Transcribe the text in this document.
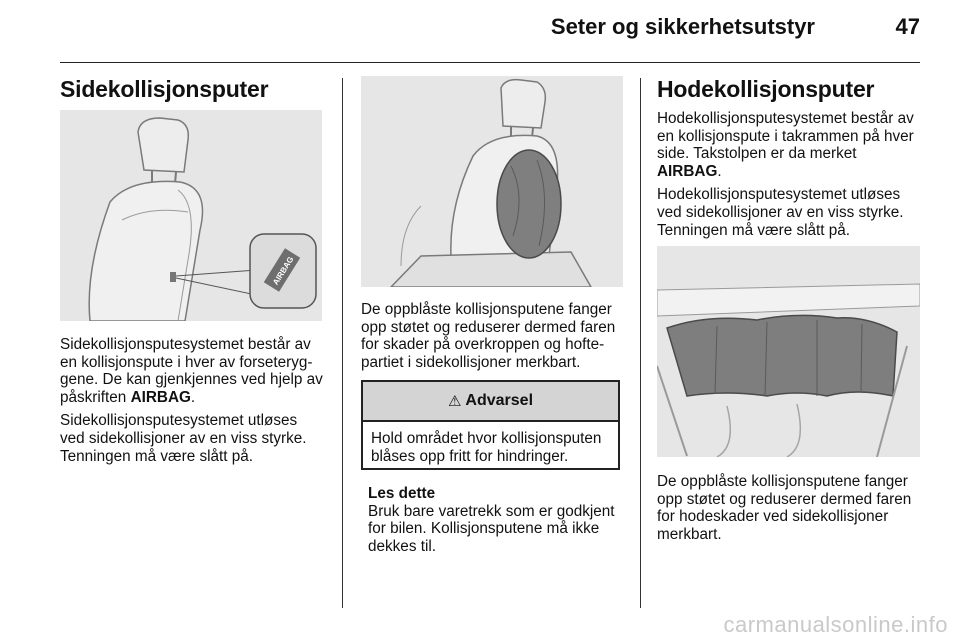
Seter og sikkerhetsutstyr	47
Sidekollisjonsputer
AIRBAG

Sidekollisjonsputesystemet består av en kollisjonspute i hver av forseteryg‐gene. De kan gjenkjennes ved hjelp av påskriften AIRBAG.

Sidekollisjonsputesystemet utløses ved sidekollisjoner av en viss styrke. Tenningen må være slått på.

De oppblåste kollisjonsputene fanger opp støtet og reduserer dermed faren for skader på overkroppen og hofte‐partiet i sidekollisjoner merkbart.
⚠ Advarsel
Hold området hvor kollisjonsputen blåses opp fritt for hindringer.
Les dette
Bruk bare varetrekk som er godkjent for bilen. Kollisjonsputene må ikke dekkes til.
Hodekollisjonsputer

Hodekollisjonsputesystemet består av en kollisjonspute i takrammen på hver side. Takstolpen er da merket AIRBAG.

Hodekollisjonsputesystemet utløses ved sidekollisjoner av en viss styrke. Tenningen må være slått på.

De oppblåste kollisjonsputene fanger opp støtet og reduserer dermed faren for hodeskader ved sidekollisjoner merkbart.
carmanualsonline.info
